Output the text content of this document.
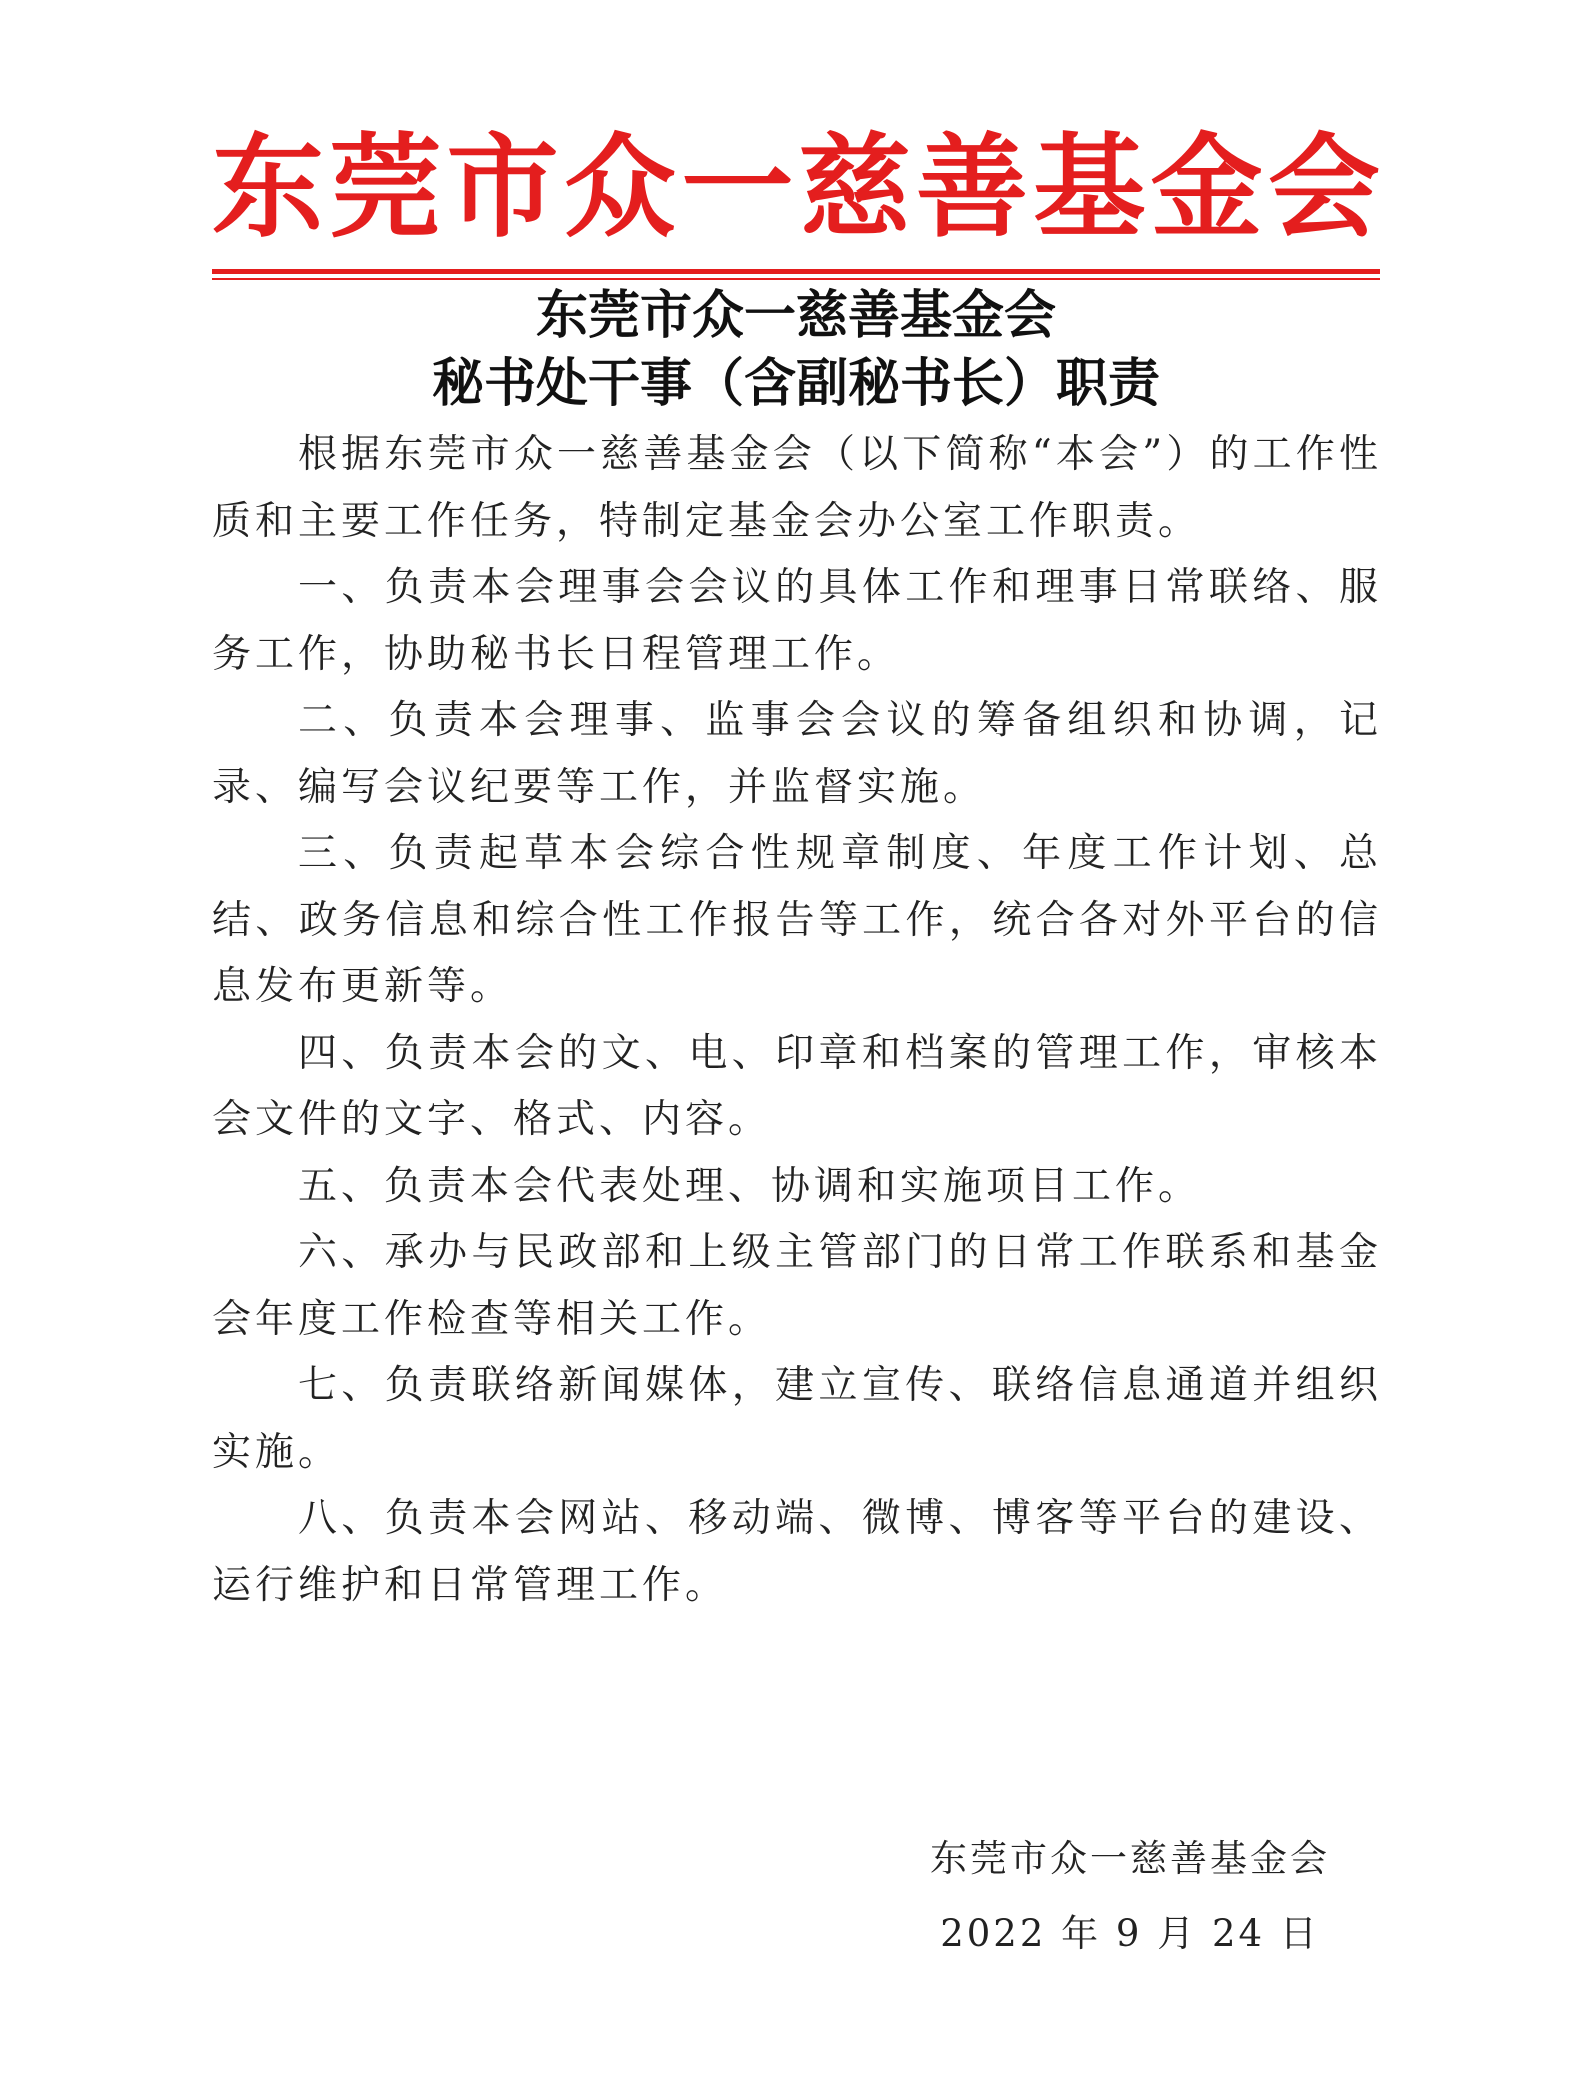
东 莞 市 众 一 慈 善 基 金 会
东莞市众一慈善基金会
秘书处干事（含副秘书长）职责

根据东莞市众一慈善基金会（以下简称“本会”）的工作性质和主要工作任务，特制定基金会办公室工作职责。

一、负责本会理事会会议的具体工作和理事日常联络、服务工作，协助秘书长日程管理工作。

二、负责本会理事、监事会会议的筹备组织和协调，记录、编写会议纪要等工作，并监督实施。

三、负责起草本会综合性规章制度、年度工作计划、总结、政务信息和综合性工作报告等工作，统合各对外平台的信息发布更新等。

四、负责本会的文、电、印章和档案的管理工作，审核本会文件的文字、格式、内容。

五、负责本会代表处理、协调和实施项目工作。

六、承办与民政部和上级主管部门的日常工作联系和基金会年度工作检查等相关工作。

七、负责联络新闻媒体，建立宣传、联络信息通道并组织实施。

八、负责本会网站、移动端、微博、博客等平台的建设、运行维护和日常管理工作。

东莞市众一慈善基金会
2022 年 9 月 24 日
